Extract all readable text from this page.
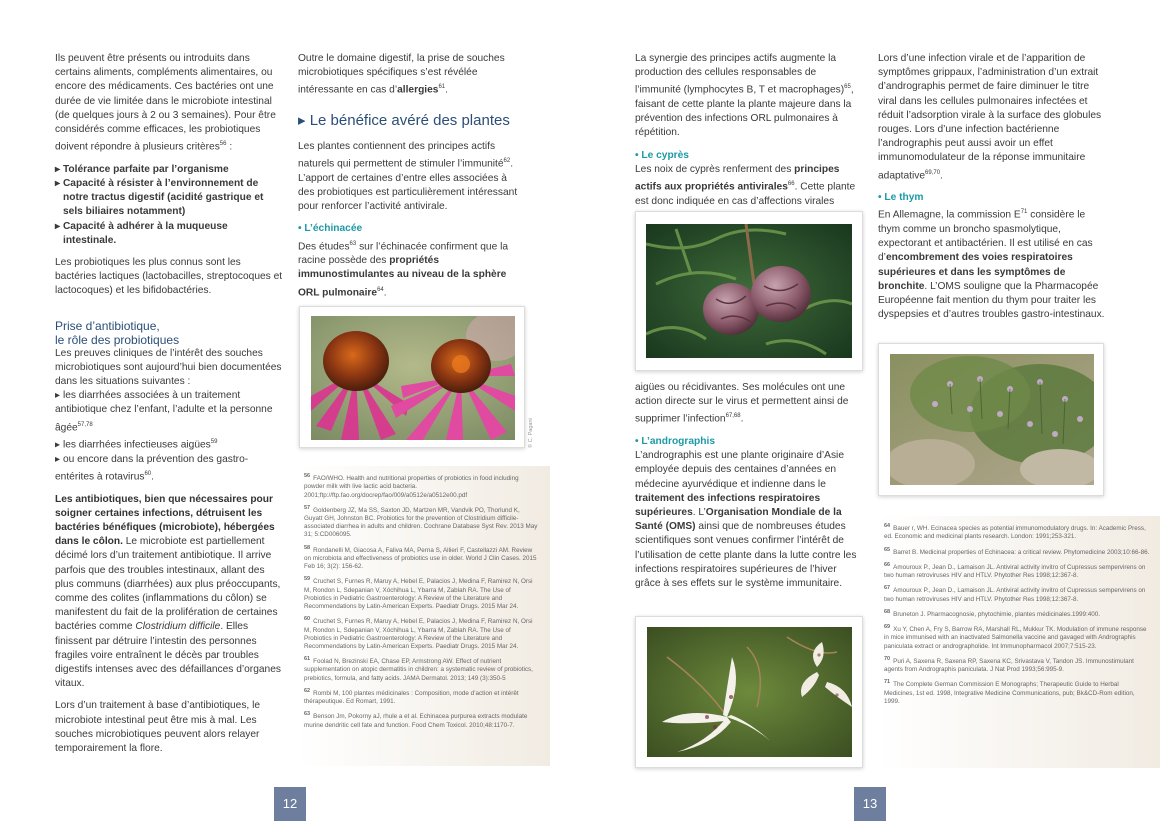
Ils peuvent être présents ou introduits dans certains aliments, compléments alimentaires, ou encore des médicaments. Ces bactéries ont une durée de vie limitée dans le microbiote intestinal (de quelques jours à 2 ou 3 semaines). Pour être considérés comme efficaces, les probiotiques doivent répondre à plusieurs critères$^{56}$ :

▸ Tolérance parfaite par l’organisme
▸ Capacité à résister à l’environnement de notre tractus digestif (acidité gastrique et sels biliaires notamment)
▸ Capacité à adhérer à la muqueuse intestinale.

Les probiotiques les plus connus sont les bactéries lactiques (lactobacilles, streptocoques et lactocoques) et les bifidobactéries.

Prise d’antibiotique,
le rôle des probiotiques

Les preuves cliniques de l’intérêt des souches microbiotiques sont aujourd’hui bien documentées dans les situations suivantes :

▸ les diarrhées associées à un traitement antibiotique chez l’enfant, l’adulte et la personne âgée$^{57,78}$
▸ les diarrhées infectieuses aigües$^{59}$

▸ ou encore dans la prévention des gastro-entérites à rotavirus$^{60}$.

Les antibiotiques, bien que nécessaires pour soigner certaines infections, détruisent les bactéries bénéfiques (microbiote), hébergées dans le côlon. Le microbiote est partiellement décimé lors d’un traitement antibiotique. Il arrive parfois que des troubles intestinaux, allant des plus communs (diarrhées) aux plus préoccupants, comme des colites (inflammations du côlon) se manifestent du fait de la prolifération de certaines bactéries comme Clostridium difficile. Elles finissent par détruire l’intestin des personnes fragiles voire entraînent le décès par troubles digestifs intenses avec des défaillances d’organes vitaux.

Lors d’un traitement à base d’antibiotiques, le microbiote intestinal peut être mis à mal. Les souches microbiotiques peuvent alors relayer temporairement la flore.

Outre le domaine digestif, la prise de souches microbiotiques spécifiques s’est révélée intéressante en cas d’allergies$^{61}$.

▸ Le bénéfice avéré des plantes

Les plantes contiennent des principes actifs naturels qui permettent de stimuler l’immunité$^{62}$. L’apport de certaines d’entre elles associées à des probiotiques est particulièrement intéressant pour renforcer l’activité antivirale.

• L’échinacée

Des études$^{63}$ sur l’échinacée confirment que la racine possède des propriétés immunostimulantes au niveau de la sphère ORL pulmonaire$^{64}$.

© C. Pagani
$^{56}$ FAO/WHO. Health and nutritional properties of probiotics in food including powder milk with live lactic acid bacteria. 2001;ftp://ftp.fao.org/docrep/fao/009/a0512e/a0512e00.pdf
$^{57}$ Goldenberg JZ, Ma SS, Saxton JD, Martzen MR, Vandvik PO, Thorlund K, Guyatt GH, Johnston BC. Probiotics for the prevention of Clostridium difficile-associated diarrhea in adults and children. Cochrane Database Syst Rev. 2013 May 31; 5:CD006095.
$^{58}$ Rondanelli M, Giacosa A, Faliva MA, Perna S, Allieri F, Castellazzi AM. Review on microbiota and effectiveness of probiotics use in older. World J Clin Cases. 2015 Feb 16; 3(2): 156-62.
$^{59}$ Cruchet S, Furnes R, Maruy A, Hebel E, Palacios J, Medina F, Ramirez N, Orsi M, Rondon L, Sdepanian V, Xóchihua L, Ybarra M, Zablah RA. The Use of Probiotics in Pediatric Gastroenterology: A Review of the Literature and Recommendations by Latin-American Experts. Paediatr Drugs. 2015 Mar 24.
$^{60}$ Cruchet S, Furnes R, Maruy A, Hebel E, Palacios J, Medina F, Ramirez N, Orsi M, Rondon L, Sdepanian V, Xóchihua L, Ybarra M, Zablah RA. The Use of Probiotics in Pediatric Gastroenterology: A Review of the Literature and Recommendations by Latin-American Experts. Paediatr Drugs. 2015 Mar 24.
$^{61}$ Foolad N, Brezinski EA, Chase EP, Armstrong AW. Effect of nutrient supplementation on atopic dermatitis in children: a systematic review of probiotics, prebiotics, formula, and fatty acids. JAMA Dermatol. 2013; 149 (3):350-5
$^{62}$ Rombi M, 100 plantes médicinales : Composition, mode d’action et intérêt thérapeutique. Ed Romart, 1991.
$^{63}$ Benson Jm, Pokorny aJ, rhule a et al. Echinacea purpurea extracts modulate murine dendritic cell fate and function. Food Chem Toxicol. 2010;48:1170-7.

La synergie des principes actifs augmente la production des cellules responsables de l’immunité (lymphocytes B, T et macrophages)$^{65}$, faisant de cette plante la plante majeure dans la prévention des infections ORL pulmonaires à répétition.

• Le cyprès

Les noix de cyprès renferment des principes actifs aux propriétés antivirales$^{66}$. Cette plante est donc indiquée en cas d’affections virales

aigües ou récidivantes. Ses molécules ont une action directe sur le virus et permettent ainsi de supprimer l’infection$^{67,68}$.

• L’andrographis

L’andrographis est une plante originaire d’Asie employée depuis des centaines d’années en médecine ayurvédique et indienne dans le traitement des infections respiratoires supérieures. L’Organisation Mondiale de la Santé (OMS) ainsi que de nombreuses études scientifiques sont venues confirmer l’intérêt de l’utilisation de cette plante dans la lutte contre les infections respiratoires supérieures de l’hiver grâce à ses effets sur le système immunitaire.

Lors d’une infection virale et de l’apparition de symptômes grippaux, l’administration d’un extrait d’andrographis permet de faire diminuer le titre viral dans les cellules pulmonaires infectées et réduit l’adsorption virale à la surface des globules rouges. Lors d’une infection bactérienne l’andrographis peut aussi avoir un effet immunomodulateur de la réponse immunitaire adaptative$^{69,70}$.

• Le thym

En Allemagne, la commission $E^{71}$ considère le thym comme un broncho spasmolytique, expectorant et antibactérien. Il est utilisé en cas d’encombrement des voies respiratoires supérieures et dans les symptômes de bronchite. L’OMS souligne que la Pharmacopée Européenne fait mention du thym pour traiter les dyspepsies et d’autres troubles gastro-intestinaux.

$^{64}$ Bauer r, WH. Ecinacea species as potential immunomodulatory drugs. In: Academic Press, ed. Economic and medicinal plants research. London: 1991;253-321.
$^{65}$ Barret B. Medicinal properties of Echinacea: a critical review. Phytomedicine 2003;10:66-86.
$^{66}$ Amouroux P., Jean D., Lamaison JL. Antiviral activity invitro of Cupressus sempervirens on two human retroviruses HIV and HTLV. Phytother Res 1998;12:367-8.
$^{67}$ Amouroux P., Jean D., Lamaison JL. Antiviral activity invitro of Cupressus sempervirens on two human retroviruses HIV and HTLV. Phytother Res 1998;12:367-8.
$^{68}$ Bruneton J. Pharmacognosie, phytochimie, plantes médicinales.1999:400.
$^{69}$ Xu Y, Chen A, Fry S, Barrow RA, Marshall RL, Mukkur TK. Modulation of immune response in mice immunised with an inactivated Salmonella vaccine and gavaged with Andrographis paniculata extract or andrographolide. Int Immunopharmacol 2007;7:515-23.
$^{70}$ Puri A, Saxena R, Saxena RP, Saxena KC, Srivastava V, Tandon JS. Immunostimulant agents from Andrographis paniculata. J Nat Prod 1993;56:995-9.
$^{71}$ The Complete German Commission E Monographs; Therapeutic Guide to Herbal Medicines, 1st ed. 1998, Integrative Medicine Communications, pub; Bk&CD-Rom edition, 1999.
12	13
